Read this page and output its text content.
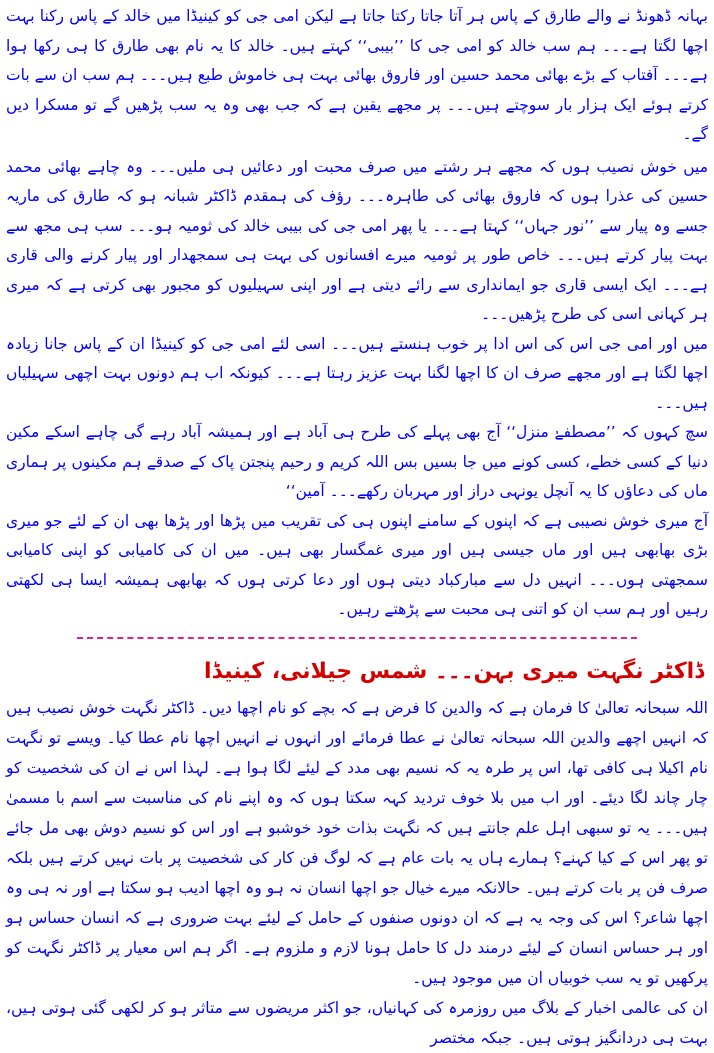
بہانہ ڈھونڈ نے والے طارق کے پاس ہر آتا جاتا رکتا جاتا ہے لیکن امی جی کو کینیڈا میں خالد کے پاس رکنا بہت اچھا لگتا ہے۔۔۔ ہم سب خالد کو امی جی کا ’’بیبی‘‘ کہتے ہیں۔ خالد کا یہ نام بھی طارق کا ہی رکھا ہوا ہے۔۔۔ آفتاب کے بڑے بھائی محمد حسین اور فاروق بھائی بہت ہی خاموش طبع ہیں۔۔۔ ہم سب ان سے بات کرتے ہوئے ایک ہزار بار سوچتے ہیں۔۔۔ پر مجھے یقین ہے کہ جب بھی وہ یہ سب پڑھیں گے تو مسکرا دیں گے۔

میں خوش نصیب ہوں کہ مجھے ہر رشتے میں صرف محبت اور دعائیں ہی ملیں۔۔۔ وہ چاہے بھائی محمد حسین کی عذرا ہوں کہ فاروق بھائی کی طاہرہ۔۔۔ رؤف کی ہمقدم ڈاکٹر شبانہ ہو کہ طارق کی ماریہ جسے وہ پیار سے ’’نور جہاں‘‘ کہتا ہے۔۔۔ یا پھر امی جی کی بیبی خالد کی ثومیہ ہو۔۔۔ سب ہی مجھ سے بہت پیار کرتے ہیں۔۔۔ خاص طور پر ثومیہ میرے افسانوں کی بہت ہی سمجھدار اور پیار کرنے والی قاری ہے۔۔۔ ایک ایسی قاری جو ایمانداری سے رائے دیتی ہے اور اپنی سہیلیوں کو مجبور بھی کرتی ہے کہ میری ہر کہانی اسی کی طرح پڑھیں۔۔۔

میں اور امی جی اس کی اس ادا پر خوب ہنستے ہیں۔۔۔ اسی لئے امی جی کو کینیڈا ان کے پاس جانا زیادہ اچھا لگتا ہے اور مجھے صرف ان کا اچھا لگنا بہت عزیز رہتا ہے۔۔۔ کیونکہ اب ہم دونوں بہت اچھی سہیلیاں ہیں۔۔۔

سچ کہوں کہ ’’مصطفےٰ منزل‘‘ آج بھی پہلے کی طرح ہی آباد ہے اور ہمیشہ آباد رہے گی چاہے اسکے مکین دنیا کے کسی خطے، کسی کونے میں جا بسیں بس اللہ کریم و رحیم پنجتن پاک کے صدقے ہم مکینوں پر ہماری ماں کی دعاؤں کا یہ آنچل یونہی دراز اور مہربان رکھے۔۔۔ آمین‘‘

آج میری خوش نصیبی ہے کہ اپنوں کے سامنے اپنوں ہی کی تقریب میں پڑھا اور پڑھا بھی ان کے لئے جو میری بڑی بھابھی ہیں اور ماں جیسی ہیں اور میری غمگسار بھی ہیں۔ میں ان کی کامیابی کو اپنی کامیابی سمجھتی ہوں۔۔۔ انہیں دل سے مبارکباد دیتی ہوں اور دعا کرتی ہوں کہ بھابھی ہمیشہ ایسا ہی لکھتی رہیں اور ہم سب ان کو اتنی ہی محبت سے پڑھتے رہیں۔

ڈاکٹر نگہت میری بہن۔۔۔ شمس جیلانی، کینیڈا

اللہ سبحانہ تعالیٰ کا فرمان ہے کہ والدین کا فرض ہے کہ بچے کو نام اچھا دیں۔ ڈاکٹر نگہت خوش نصیب ہیں کہ انہیں اچھے والدین اللہ سبحانہ تعالیٰ نے عطا فرمائے اور انہوں نے انہیں اچھا نام عطا کیا۔ ویسے تو نگہت نام اکیلا ہی کافی تھا، اس پر طرہ یہ کہ نسیم بھی مدد کے لیئے لگا ہوا ہے۔ لہذا اس نے ان کی شخصیت کو چار چاند لگا دیئے۔ اور اب میں بلا خوف تردید کہہ سکتا ہوں کہ وہ اپنے نام کی مناسبت سے اسم با مسمیٰ ہیں۔۔۔ یہ تو سبھی اہل علم جانتے ہیں کہ نگہت بذات خود خوشبو ہے اور اس کو نسیم دوش بھی مل جائے تو پھر اس کے کیا کہنے؟ ہمارے ہاں یہ بات عام ہے کہ لوگ فن کار کی شخصیت پر بات نہیں کرتے ہیں بلکہ صرف فن پر بات کرتے ہیں۔ حالانکہ میرے خیال جو اچھا انسان نہ ہو وہ اچھا ادیب ہو سکتا ہے اور نہ ہی وہ اچھا شاعر؟ اس کی وجہ یہ ہے کہ ان دونوں صنفوں کے حامل کے لیئے بہت ضروری ہے کہ انسان حساس ہو اور ہر حساس انسان کے لیئے درمند دل کا حامل ہونا لازم و ملزوم ہے۔ اگر ہم اس معیار پر ڈاکٹر نگہت کو پرکھیں تو یہ سب خوبیاں ان میں موجود ہیں۔

ان کی عالمی اخبار کے بلاگ میں روزمرہ کی کہانیاں، جو اکثر مریضوں سے متاثر ہو کر لکھی گئی ہوتی ہیں، بہت ہی دردانگیز ہوتی ہیں۔ جبکہ مختصر
